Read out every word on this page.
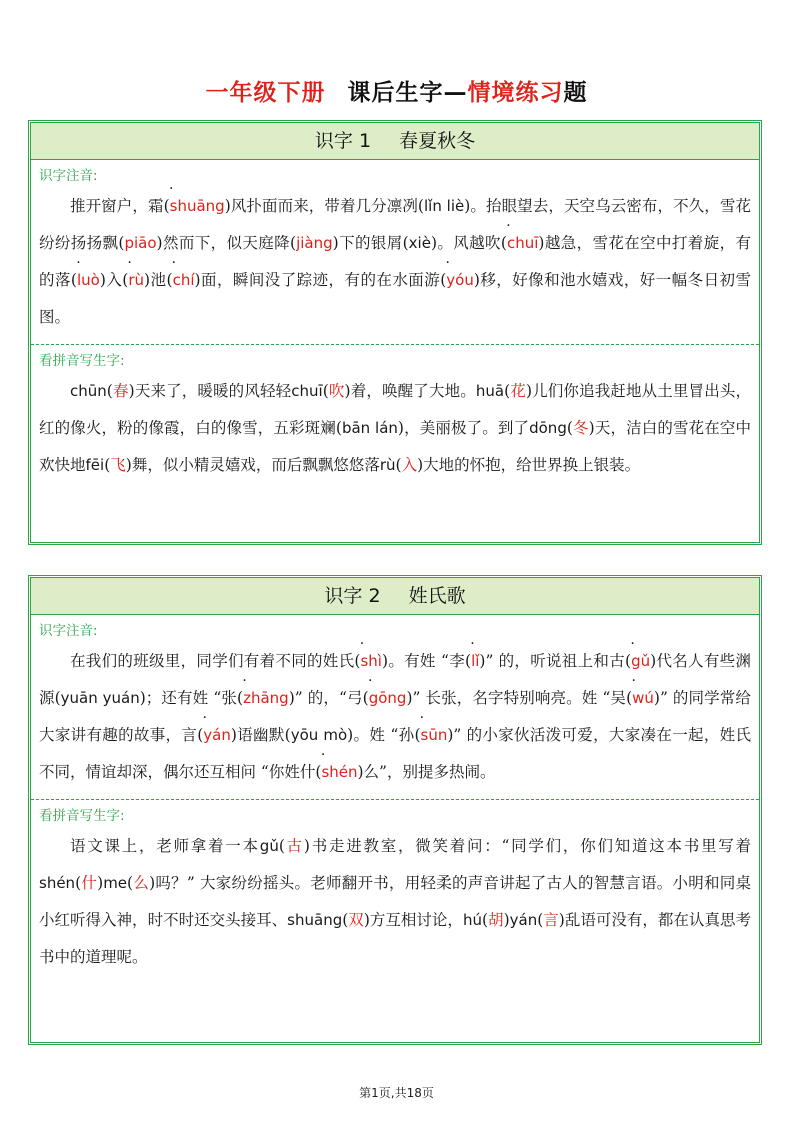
一年级下册 课后生字—情境练习题
识字 1 春夏秋冬
识字注音:

推开窗户，霜(shuāng)风扑面而来，带着几分凛冽(lǐn liè)。抬眼望去，天空乌云密布，不久，雪花纷纷扬扬飘(piāo)然而下，似天庭降(jiàng)下的银屑(xiè)。风越吹(chuī)越急，雪花在空中打着旋，有的落(luò)入(rù)池(chí)面，瞬间没了踪迹，有的在水面游(yóu)移，好像和池水嬉戏，好一幅冬日初雪图。

看拼音写生字:

chūn(春)天来了，暖暖的风轻轻chuī(吹)着，唤醒了大地。huā(花)儿们你追我赶地从土里冒出头，红的像火，粉的像霞，白的像雪，五彩斑斓(bān lán)，美丽极了。到了dōng(冬)天，洁白的雪花在空中欢快地fēi(飞)舞，似小精灵嬉戏，而后飘飘悠悠落rù(入)大地的怀抱，给世界换上银装。

识字 2 姓氏歌
识字注音:

在我们的班级里，同学们有着不同的姓氏(shì)。有姓 “李(lǐ)” 的，听说祖上和古(gǔ)代名人有些渊源(yuān yuán)；还有姓 “张(zhāng)” 的，“弓(gōng)” 长张，名字特别响亮。姓 “吴(wú)” 的同学常给大家讲有趣的故事，言(yán)语幽默(yōu mò)。姓 “孙(sūn)” 的小家伙活泼可爱，大家凑在一起，姓氏不同，情谊却深，偶尔还互相问 “你姓什(shén)么”，别提多热闹。

看拼音写生字:

语文课上，老师拿着一本gǔ(古)书走进教室，微笑着问：“同学们，你们知道这本书里写着shén(什)me(么)吗？” 大家纷纷摇头。老师翻开书，用轻柔的声音讲起了古人的智慧言语。小明和同桌小红听得入神，时不时还交头接耳、shuāng(双)方互相讨论，hú(胡)yán(言)乱语可没有，都在认真思考书中的道理呢。

第1页,共18页
